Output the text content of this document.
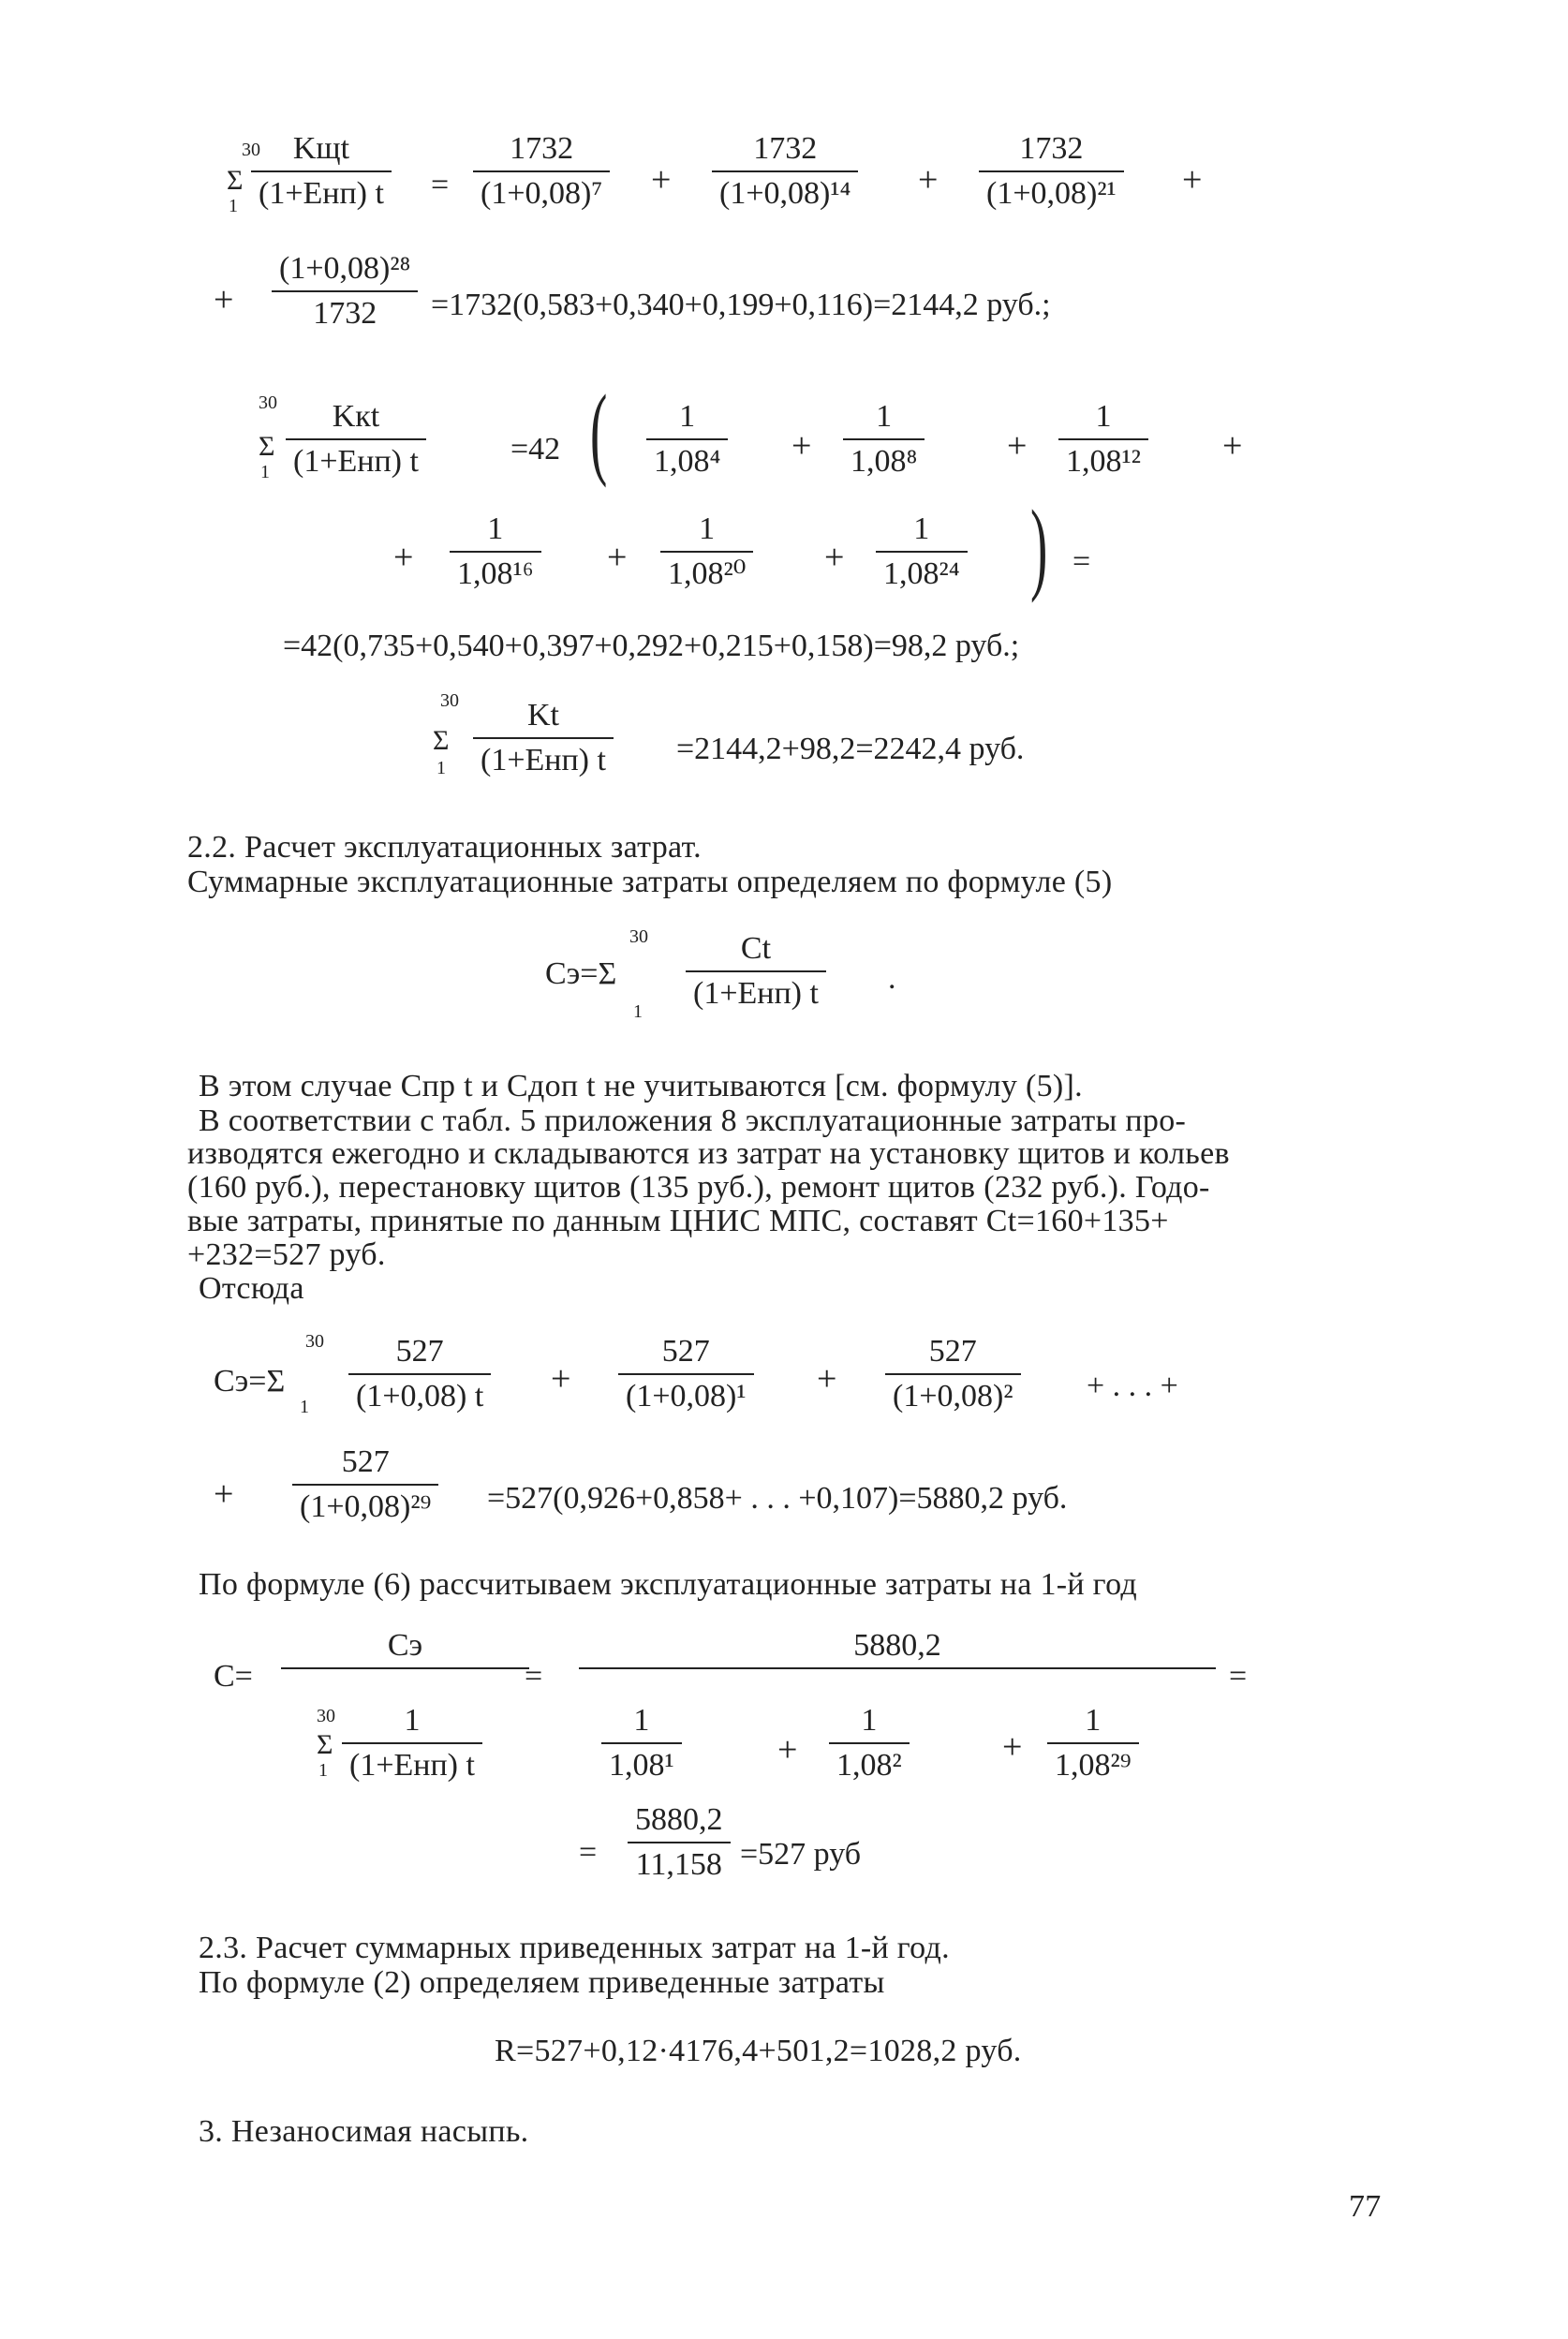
30
Σ
1
Kщt
(1+Eнп) t =
1732
(1+0,08)⁷ +
1732
(1+0,08)¹⁴ +
1732
(1+0,08)²¹ +
+
(1+0,08)²⁸
1732 =1732(0,583+0,340+0,199+0,116)=2144,2 руб.;
30
Σ
1
Kкt
(1+Eнп) t	=42 ( 1
1,08⁴ +
1
1,08⁸	+
1
1,08¹² +
+
1
1,08¹⁶ +
1
1,08²⁰ +
1
1,08²⁴ ) =
=42(0,735+0,540+0,397+0,292+0,215+0,158)=98,2 руб.;
30
Σ
1
Kt
(1+Eнп) t =2144,2+98,2=2242,4 руб.
2.2. Расчет эксплуатационных затрат.
Суммарные эксплуатационные затраты определяем по формуле (5)
30
Cэ=Σ
1
Ct
(1+Eнп) t .
В этом случае Cпр t и Cдоп t не учитываются [см. формулу (5)].
В соответствии с табл. 5 приложения 8 эксплуатационные затраты про-
изводятся ежегодно и складываются из затрат на установку щитов и кольев
(160 руб.), перестановку щитов (135 руб.), ремонт щитов (232 руб.). Годо-
вые затраты, принятые по данным ЦНИС МПС, составят Ct=160+135+
+232=527 руб.
Отсюда
30
Cэ=Σ
1
527
(1+0,08) t +
527
(1+0,08)¹ +
527
(1+0,08)² + . . . +
+
527
(1+0,08)²⁹ =527(0,926+0,858+ . . . +0,107)=5880,2 руб.
По формуле (6) рассчитываем эксплуатационные затраты на 1-й год
C=
Cэ
30
Σ
1
1
(1+Eнп) t
=
5880,2
1
1,08¹	+
1
1,08²	+
1
1,08²⁹
=
=
5880,2
11,158 =527 руб
2.3. Расчет суммарных приведенных затрат на 1-й год.
По формуле (2) определяем приведенные затраты
R=527+0,12·4176,4+501,2=1028,2 руб.
3. Незаносимая насыпь.
77
